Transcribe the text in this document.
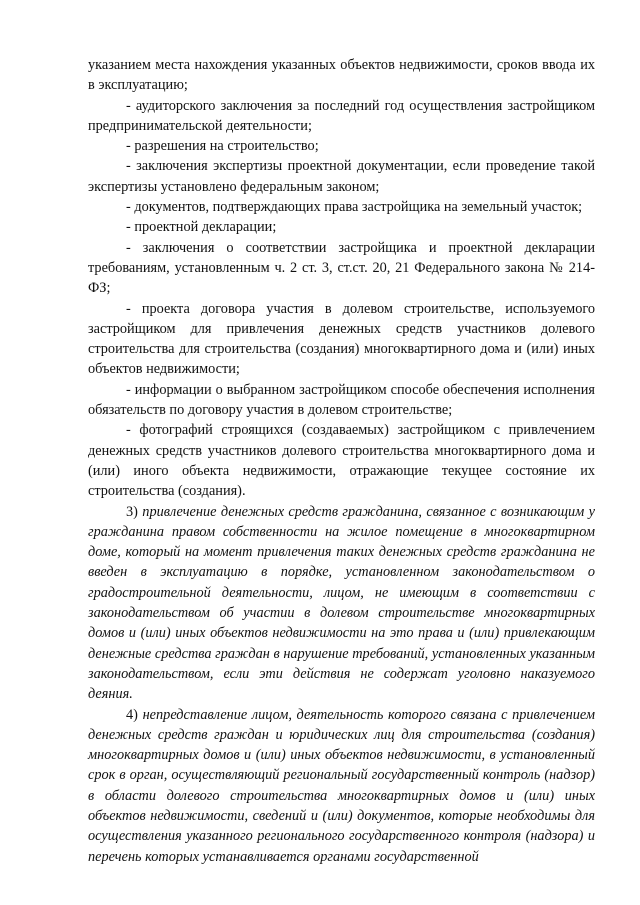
указанием места нахождения указанных объектов недвижимости, сроков ввода их в эксплуатацию;

- аудиторского заключения за последний год осуществления застройщиком предпринимательской деятельности;

- разрешения на строительство;

- заключения экспертизы проектной документации, если проведение такой экспертизы установлено федеральным законом;

- документов, подтверждающих права застройщика на земельный участок;

- проектной декларации;

- заключения о соответствии застройщика и проектной декларации требованиям, установленным ч. 2 ст. 3, ст.ст. 20, 21 Федерального закона № 214-ФЗ;

- проекта договора участия в долевом строительстве, используемого застройщиком для привлечения денежных средств участников долевого строительства для строительства (создания) многоквартирного дома и (или) иных объектов недвижимости;

- информации о выбранном застройщиком способе обеспечения исполнения обязательств по договору участия в долевом строительстве;

- фотографий строящихся (создаваемых) застройщиком с привлечением денежных средств участников долевого строительства многоквартирного дома и (или) иного объекта недвижимости, отражающие текущее состояние их строительства (создания).

3) привлечение денежных средств гражданина, связанное с возникающим у гражданина правом собственности на жилое помещение в многоквартирном доме, который на момент привлечения таких денежных средств гражданина не введен в эксплуатацию в порядке, установленном законодательством о градостроительной деятельности, лицом, не имеющим в соответствии с законодательством об участии в долевом строительстве многоквартирных домов и (или) иных объектов недвижимости на это права и (или) привлекающим денежные средства граждан в нарушение требований, установленных указанным законодательством, если эти действия не содержат уголовно наказуемого деяния.

4) непредставление лицом, деятельность которого связана с привлечением денежных средств граждан и юридических лиц для строительства (создания) многоквартирных домов и (или) иных объектов недвижимости, в установленный срок в орган, осуществляющий региональный государственный контроль (надзор) в области долевого строительства многоквартирных домов и (или) иных объектов недвижимости, сведений и (или) документов, которые необходимы для осуществления указанного регионального государственного контроля (надзора) и перечень которых устанавливается органами государственной
